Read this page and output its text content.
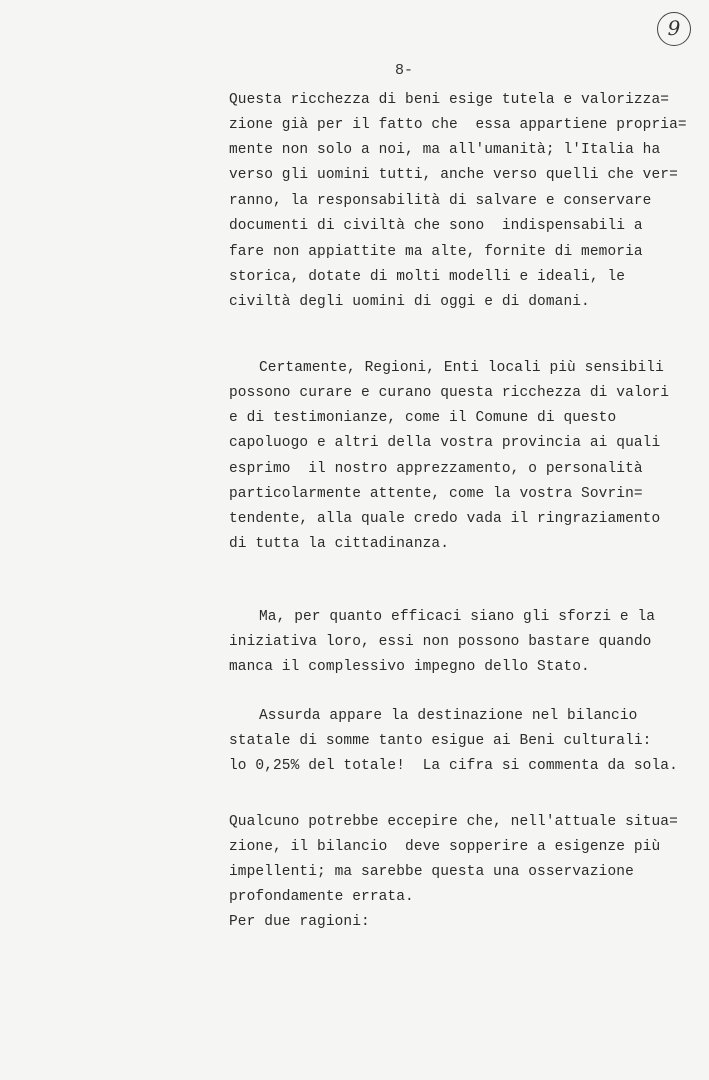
9
8-
Questa ricchezza di beni esige tutela e valorizza=
zione già per il fatto che  essa appartiene propria=
mente non solo a noi, ma all'umanità; l'Italia ha
verso gli uomini tutti, anche verso quelli che ver=
ranno, la responsabilità di salvare e conservare
documenti di civiltà che sono  indispensabili a
fare non appiattite ma alte, fornite di memoria
storica, dotate di molti modelli e ideali, le
civiltà degli uomini di oggi e di domani.
Certamente, Regioni, Enti locali più sensibili
possono curare e curano questa ricchezza di valori
e di testimonianze, come il Comune di questo
capoluogo e altri della vostra provincia ai quali
esprimo  il nostro apprezzamento, o personalità
particolarmente attente, come la vostra Sovrin=
tendente, alla quale credo vada il ringraziamento
di tutta la cittadinanza.
Ma, per quanto efficaci siano gli sforzi e la
iniziativa loro, essi non possono bastare quando
manca il complessivo impegno dello Stato.
Assurda appare la destinazione nel bilancio
statale di somme tanto esigue ai Beni culturali:
lo 0,25% del totale!  La cifra si commenta da sola.
Qualcuno potrebbe eccepire che, nell'attuale situa=
zione, il bilancio  deve sopperire a esigenze più
impellenti; ma sarebbe questa una osservazione
profondamente errata.
Per due ragioni:
